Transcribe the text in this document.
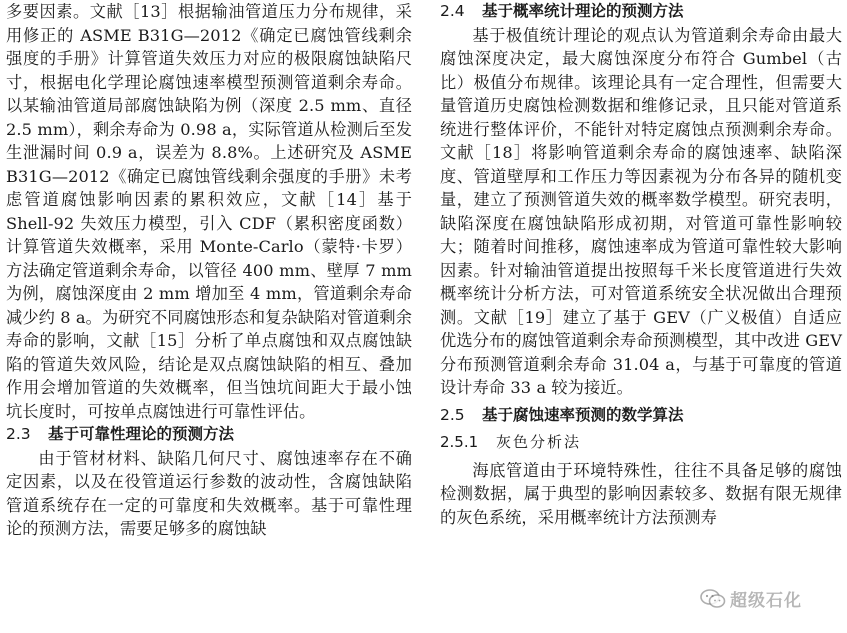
多要因素。文献［13］根据输油管道压力分布规律，采用修正的 ASME B31G—2012《确定已腐蚀管线剩余强度的手册》计算管道失效压力对应的极限腐蚀缺陷尺寸，根据电化学理论腐蚀速率模型预测管道剩余寿命。以某输油管道局部腐蚀缺陷为例（深度 2.5 mm、直径 2.5 mm），剩余寿命为 0.98 a，实际管道从检测后至发生泄漏时间 0.9 a，误差为 8.8%。上述研究及 ASME B31G—2012《确定已腐蚀管线剩余强度的手册》未考虑管道腐蚀影响因素的累积效应，文献［14］基于 Shell-92 失效压力模型，引入 CDF（累积密度函数）计算管道失效概率，采用 Monte-Carlo（蒙特·卡罗）方法确定管道剩余寿命，以管径 400 mm、壁厚 7 mm 为例，腐蚀深度由 2 mm 增加至 4 mm，管道剩余寿命减少约 8 a。为研究不同腐蚀形态和复杂缺陷对管道剩余寿命的影响，文献［15］分析了单点腐蚀和双点腐蚀缺陷的管道失效风险，结论是双点腐蚀缺陷的相互、叠加作用会增加管道的失效概率，但当蚀坑间距大于最小蚀坑长度时，可按单点腐蚀进行可靠性评估。

2.3 基于可靠性理论的预测方法

由于管材材料、缺陷几何尺寸、腐蚀速率存在不确定因素，以及在役管道运行参数的波动性，含腐蚀缺陷管道系统存在一定的可靠度和失效概率。基于可靠性理论的预测方法，需要足够多的腐蚀缺

2.4 基于概率统计理论的预测方法

基于极值统计理论的观点认为管道剩余寿命由最大腐蚀深度决定，最大腐蚀深度分布符合 Gumbel（古比）极值分布规律。该理论具有一定合理性，但需要大量管道历史腐蚀检测数据和维修记录，且只能对管道系统进行整体评价，不能针对特定腐蚀点预测剩余寿命。文献［18］将影响管道剩余寿命的腐蚀速率、缺陷深度、管道壁厚和工作压力等因素视为分布各异的随机变量，建立了预测管道失效的概率数学模型。研究表明，缺陷深度在腐蚀缺陷形成初期，对管道可靠性影响较大；随着时间推移，腐蚀速率成为管道可靠性较大影响因素。针对输油管道提出按照每千米长度管道进行失效概率统计分析方法，可对管道系统安全状况做出合理预测。文献［19］建立了基于 GEV（广义极值）自适应优选分布的腐蚀管道剩余寿命预测模型，其中改进 GEV 分布预测管道剩余寿命 31.04 a，与基于可靠度的管道设计寿命 33 a 较为接近。

2.5 基于腐蚀速率预测的数学算法
2.5.1 灰色分析法

海底管道由于环境特殊性，往往不具备足够的腐蚀检测数据，属于典型的影响因素较多、数据有限无规律的灰色系统，采用概率统计方法预测寿

超级石化
